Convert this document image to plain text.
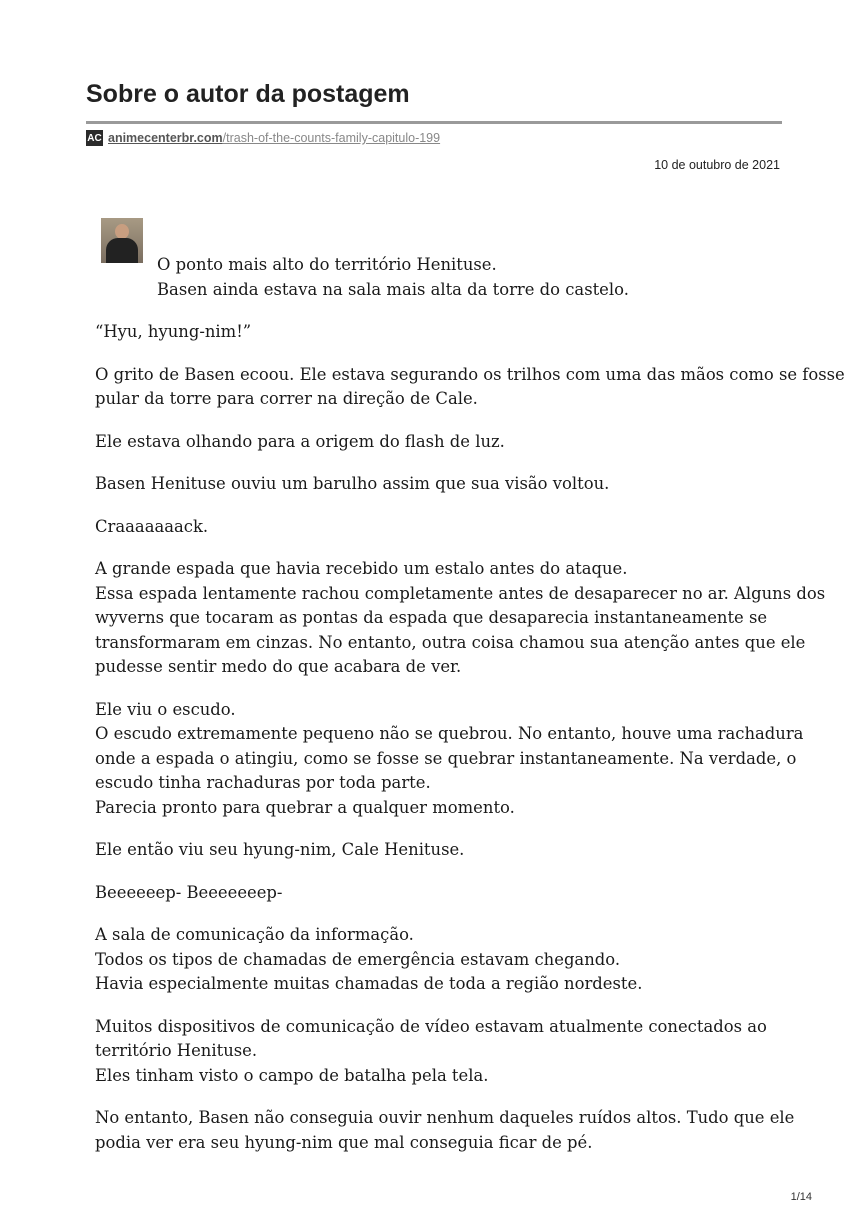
Sobre o autor da postagem
AC animecenterbr.com /trash-of-the-counts-family-capitulo-199
10 de outubro de 2021

O ponto mais alto do território Henituse.
Basen ainda estava na sala mais alta da torre do castelo.

“Hyu, hyung-nim!”

O grito de Basen ecoou. Ele estava segurando os trilhos com uma das mãos como se fosse
pular da torre para correr na direção de Cale.

Ele estava olhando para a origem do flash de luz.

Basen Henituse ouviu um barulho assim que sua visão voltou.

Craaaaaaack.

A grande espada que havia recebido um estalo antes do ataque.
Essa espada lentamente rachou completamente antes de desaparecer no ar. Alguns dos
wyverns que tocaram as pontas da espada que desaparecia instantaneamente se
transformaram em cinzas. No entanto, outra coisa chamou sua atenção antes que ele
pudesse sentir medo do que acabara de ver.

Ele viu o escudo.
O escudo extremamente pequeno não se quebrou. No entanto, houve uma rachadura
onde a espada o atingiu, como se fosse se quebrar instantaneamente. Na verdade, o
escudo tinha rachaduras por toda parte.
Parecia pronto para quebrar a qualquer momento.

Ele então viu seu hyung-nim, Cale Henituse.

Beeeeeep- Beeeeeeep-

A sala de comunicação da informação.
Todos os tipos de chamadas de emergência estavam chegando.
Havia especialmente muitas chamadas de toda a região nordeste.

Muitos dispositivos de comunicação de vídeo estavam atualmente conectados ao
território Henituse.
Eles tinham visto o campo de batalha pela tela.

No entanto, Basen não conseguia ouvir nenhum daqueles ruídos altos. Tudo que ele
podia ver era seu hyung-nim que mal conseguia ficar de pé.

1/14
